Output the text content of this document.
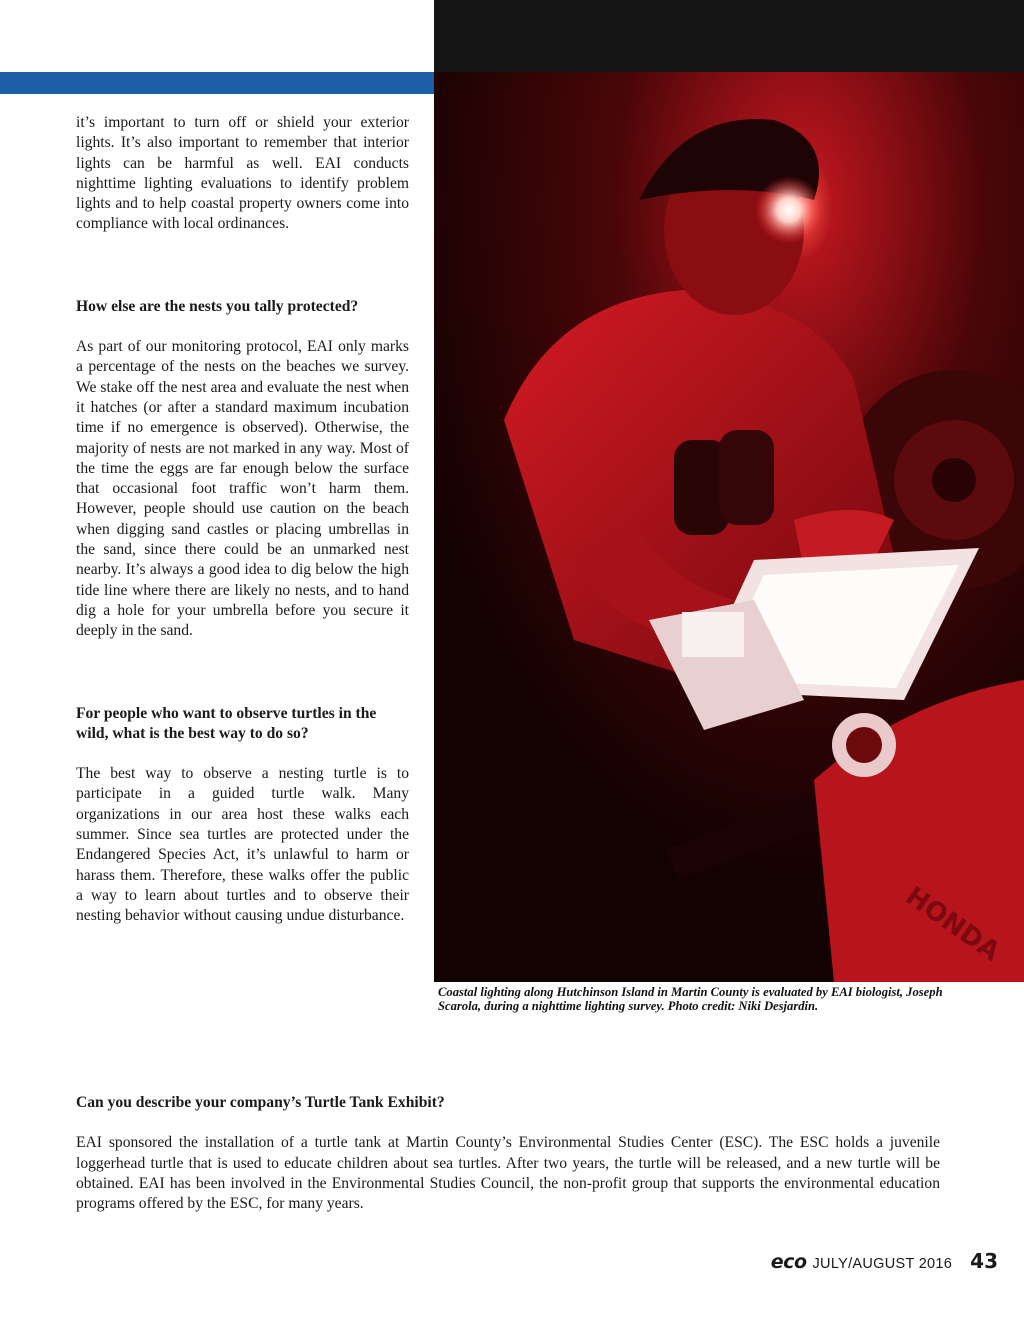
HONDA
Coastal lighting along Hutchinson Island in Martin County is evaluated by EAI biologist, Joseph Scarola, during a nighttime lighting survey. Photo credit: Niki Desjardin.

it’s important to turn off or shield your exterior lights. It’s also important to remember that interior lights can be harmful as well. EAI conducts nighttime lighting evaluations to identify problem lights and to help coastal property owners come into compliance with local ordinances.

How else are the nests you tally protected?

As part of our monitoring protocol, EAI only marks a percentage of the nests on the beaches we survey. We stake off the nest area and evaluate the nest when it hatches (or after a standard maximum incubation time if no emergence is observed). Otherwise, the majority of nests are not marked in any way. Most of the time the eggs are far enough below the surface that occasional foot traffic won’t harm them. However, people should use caution on the beach when digging sand castles or placing umbrellas in the sand, since there could be an unmarked nest nearby. It’s always a good idea to dig below the high tide line where there are likely no nests, and to hand dig a hole for your umbrella before you secure it deeply in the sand.

For people who want to observe turtles in the wild, what is the best way to do so?

The best way to observe a nesting turtle is to participate in a guided turtle walk. Many organizations in our area host these walks each summer. Since sea turtles are protected under the Endangered Species Act, it’s unlawful to harm or harass them. Therefore, these walks offer the public a way to learn about turtles and to observe their nesting behavior without causing undue disturbance.

Can you describe your company’s Turtle Tank Exhibit?

EAI sponsored the installation of a turtle tank at Martin County’s Environmental Studies Center (ESC). The ESC holds a juvenile loggerhead turtle that is used to educate children about sea turtles. After two years, the turtle will be released, and a new turtle will be obtained. EAI has been involved in the Environmental Studies Council, the non-profit group that supports the environmental education programs offered by the ESC, for many years.

eco JULY/AUGUST 2016 43
